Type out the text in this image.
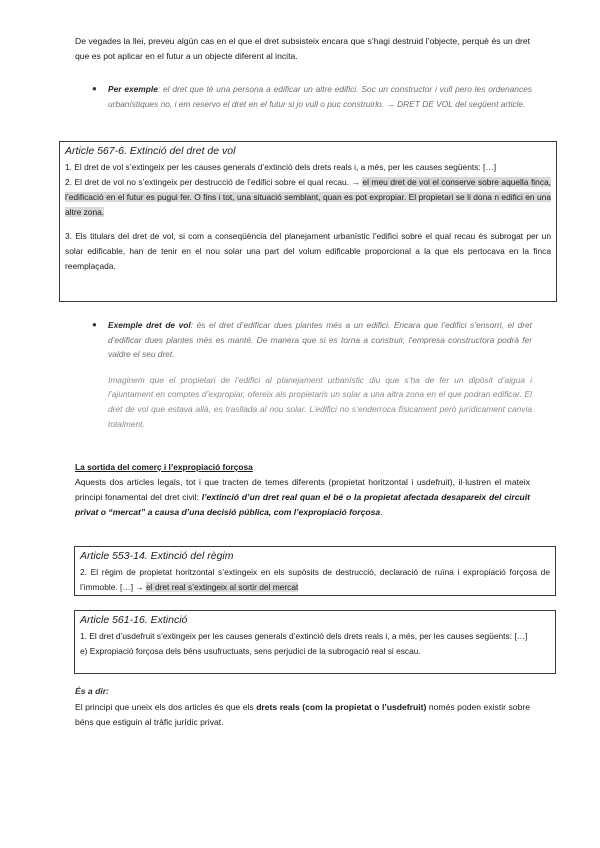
De vegades la llei, preveu algún cas en el que el dret subsisteix encara que s’hagi destruid l’objecte, perquè és un dret que es pot aplicar en el futur a un objecte diferent al incita.

● Per exemple: el dret que té una persona a edificar un altre edifici. Soc un constructor i vull pero les ordenances urbanístiques no, i em reservo el dret en el futur si jo vull o puc construirlo. → DRET DE VOL del següent article.
Article 567-6. Extinció del dret de vol

1. El dret de vol s’extingeix per les causes generals d’extinció dels drets reals i, a més, per les causes següents: […]

2. El dret de vol no s’extingeix per destrucció de l’edifici sobre el qual recau. → el meu dret de vol el conserve sobre aquella finca, l’edificació en el futur es pugui fer. O fins i tot, una situació semblant, quan es pot expropiar. El propietari se li dona n edifici en una altre zona.

3. Els titulars del dret de vol, si com a conseqüència del planejament urbanístic l’edifici sobre el qual recau és subrogat per un solar edificable, han de tenir en el nou solar una part del volum edificable proporcional a la que els pertocava en la finca reemplaçada.

● Exemple dret de vol: és el dret d’edificar dues plantes més a un edifici. Encara que l’edifici s’ensorri, el dret d’edificar dues plantes més es manté. De manera que si es torna a construir, l’empresa constructora podrà fer valdre el seu dret.
Imaginem que el propietari de l’edifici al planejament urbanístic diu que s’ha de fer un dipòsit d’aigua i l’ajuntament en comptes d’expropiar, ofereix als propietaris un solar a una altra zona en el que podran edificar. El dret de vol que estava allà, es trasllada al nou solar. L’edifici no s’enderroca físicament però jurídicament canvia totalment.

La sortida del comerç i l’expropiació forçosa

Aquests dos articles legals, tot i que tracten de temes diferents (propietat horitzontal i usdefruit), il·lustren el mateix principi fonamental del dret civil: l’extinció d’un dret real quan el bé o la propietat afectada desapareix del circuit privat o “mercat” a causa d’una decisió pública, com l’expropiació forçosa.

Article 553-14. Extinció del règim

2. El règim de propietat horitzontal s’extingeix en els supòsits de destrucció, declaració de ruïna i expropiació forçosa de l’immoble. […] → el dret real s’extingeix al sortir del mercat

Article 561-16. Extinció

1. El dret d’usdefruit s’extingeix per les causes generals d’extinció dels drets reals i, a més, per les causes següents: […]

e) Expropiació forçosa dels béns usufructuats, sens perjudici de la subrogació real si escau.

És a dir:

El principi que uneix els dos articles és que els drets reals (com la propietat o l’usdefruit) només poden existir sobre béns que estiguin al tràfic jurídic privat.
